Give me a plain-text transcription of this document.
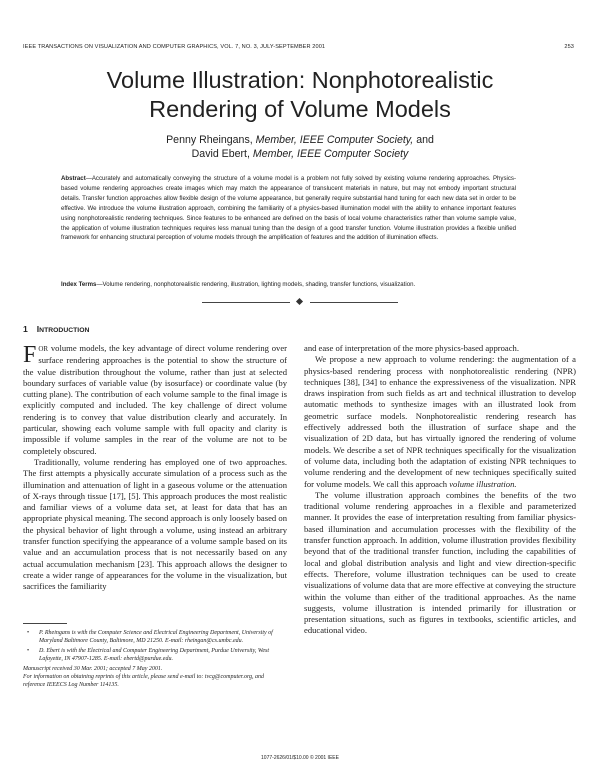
IEEE TRANSACTIONS ON VISUALIZATION AND COMPUTER GRAPHICS, VOL. 7, NO. 3, JULY-SEPTEMBER 2001	253
Volume Illustration: Nonphotorealistic
Rendering of Volume Models
Penny Rheingans, Member, IEEE Computer Society, and
David Ebert, Member, IEEE Computer Society
Abstract—Accurately and automatically conveying the structure of a volume model is a problem not fully solved by existing volume rendering approaches. Physics-based volume rendering approaches create images which may match the appearance of translucent materials in nature, but may not embody important structural details. Transfer function approaches allow flexible design of the volume appearance, but generally require substantial hand tuning for each new data set in order to be effective. We introduce the volume illustration approach, combining the familiarity of a physics-based illumination model with the ability to enhance important features using nonphotorealistic rendering techniques. Since features to be enhanced are defined on the basis of local volume characteristics rather than volume sample value, the application of volume illustration techniques requires less manual tuning than the design of a good transfer function. Volume illustration provides a flexible unified framework for enhancing structural perception of volume models through the amplification of features and the addition of illumination effects.
Index Terms—Volume rendering, nonphotorealistic rendering, illustration, lighting models, shading, transfer functions, visualization.
1 INTRODUCTION

FOR volume models, the key advantage of direct volume rendering over surface rendering approaches is the potential to show the structure of the value distribution throughout the volume, rather than just at selected boundary surfaces of variable value (by isosurface) or coordinate value (by cutting plane). The contribution of each volume sample to the final image is explicitly computed and included. The key challenge of direct volume rendering is to convey that value distribution clearly and accurately. In particular, showing each volume sample with full opacity and clarity is impossible if volume samples in the rear of the volume are not to be completely obscured.

Traditionally, volume rendering has employed one of two approaches. The first attempts a physically accurate simulation of a process such as the illumination and attenuation of light in a gaseous volume or the attenuation of X-rays through tissue [17], [5]. This approach produces the most realistic and familiar views of a volume data set, at least for data that has an appropriate physical meaning. The second approach is only loosely based on the physical behavior of light through a volume, using instead an arbitrary transfer function specifying the appearance of a volume sample based on its value and an accumulation process that is not necessarily based on any actual accumulation mechanism [23]. This approach allows the designer to create a wider range of appearances for the volume in the visualization, but sacrifices the familiarity

and ease of interpretation of the more physics-based approach.

We propose a new approach to volume rendering: the augmentation of a physics-based rendering process with nonphotorealistic rendering (NPR) techniques [38], [34] to enhance the expressiveness of the visualization. NPR draws inspiration from such fields as art and technical illustration to develop automatic methods to synthesize images with an illustrated look from geometric surface models. Nonphotorealistic rendering research has effectively addressed both the illustration of surface shape and the visualization of 2D data, but has virtually ignored the rendering of volume models. We describe a set of NPR techniques specifically for the visualization of volume data, including both the adaptation of existing NPR techniques to volume rendering and the development of new techniques specifically suited for volume models. We call this approach volume illustration.

The volume illustration approach combines the benefits of the two traditional volume rendering approaches in a flexible and parameterized manner. It provides the ease of interpretation resulting from familiar physics-based illumination and accumulation processes with the flexibility of the transfer function approach. In addition, volume illustration provides flexibility beyond that of the traditional transfer function, including the capabilities of local and global distribution analysis and light and view direction-specific effects. Therefore, volume illustration techniques can be used to create visualizations of volume data that are more effective at conveying the structure within the volume than either of the traditional approaches. As the name suggests, volume illustration is intended primarily for illustration or presentation situations, such as figures in textbooks, scientific articles, and educational video.

• P. Rheingans is with the Computer Science and Electrical Engineering Department, University of Maryland Baltimore County, Baltimore, MD 21250. E-mail: rheingan@cs.umbc.edu.
• D. Ebert is with the Electrical and Computer Engineering Department, Purdue University, West Lafayette, IN 47907-1285. E-mail: ebertd@purdue.edu.
Manuscript received 30 Mar. 2001; accepted 7 May 2001.
For information on obtaining reprints of this article, please send e-mail to: tvcg@computer.org, and reference IEEECS Log Number 114135.
1077-2626/01/$10.00 © 2001 IEEE
